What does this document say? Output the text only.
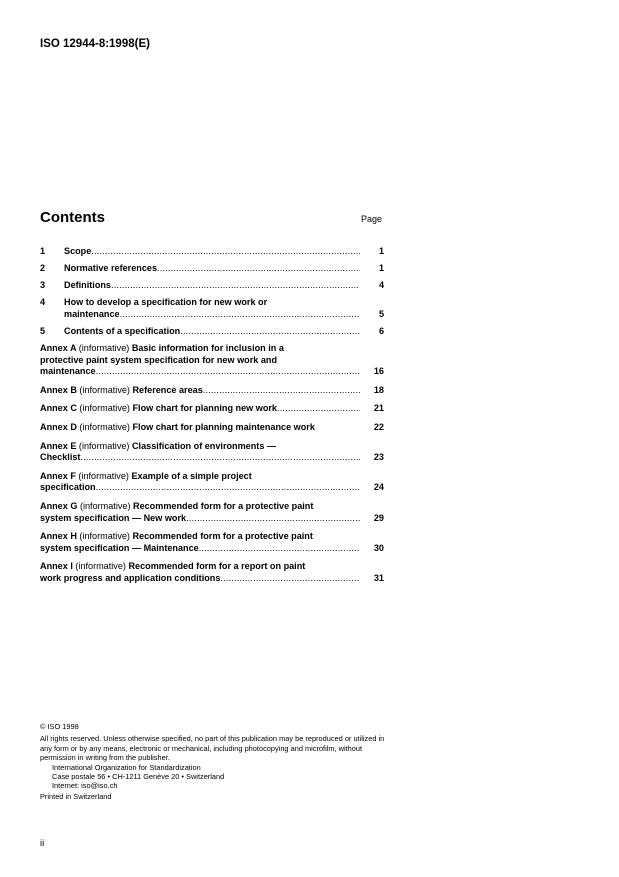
ISO 12944-8:1998(E)
Contents	Page
1 Scope .....	1
2 Normative references .....	1
3 Definitions .....	4
4 How to develop a specification for new work or
maintenance .....	5
5 Contents of a specification .....	6
Annex A (informative) Basic information for inclusion in a
protective paint system specification for new work and
maintenance .....	16
Annex B (informative) Reference areas .....	18
Annex C (informative) Flow chart for planning new work .....	21
Annex D (informative) Flow chart for planning maintenance work	22
Annex E (informative) Classification of environments —
Checklist .....	23
Annex F (informative) Example of a simple project
specification .....	24
Annex G (informative) Recommended form for a protective paint
system specification — New work .....	29
Annex H (informative) Recommended form for a protective paint
system specification — Maintenance .....	30
Annex I (informative) Recommended form for a report on paint
work progress and application conditions .....	31

© ISO 1998

All rights reserved. Unless otherwise specified, no part of this publication may be reproduced or utilized in any form or by any means, electronic or mechanical, including photocopying and microfilm, without permission in writing from the publisher.

International Organization for Standardization

Case postale 56 • CH-1211 Genève 20 • Switzerland

Internet: iso@iso.ch

Printed in Switzerland

ii
